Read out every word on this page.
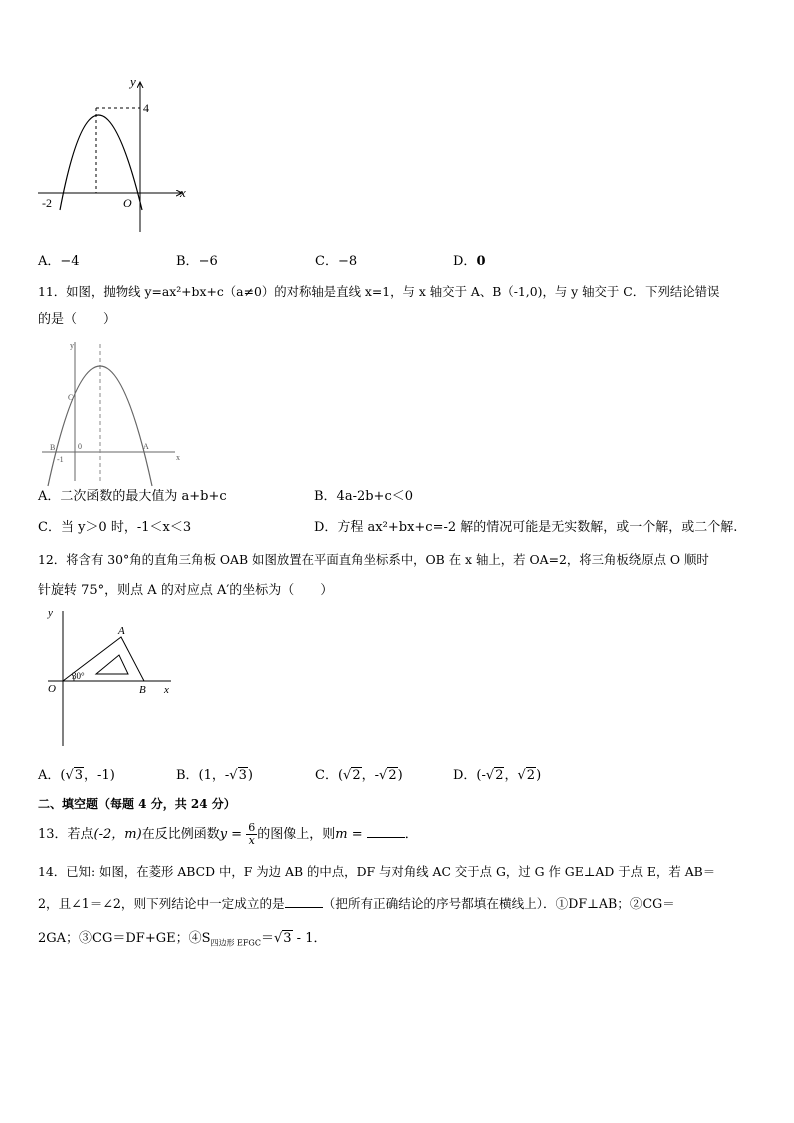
y
x
4
O
-2
A．−4	B．−6	C．−8	D．0
11．如图，抛物线 y=ax²+bx+c（a≠0）的对称轴是直线 x=1，与 x 轴交于 A、B（-1,0)，与 y 轴交于 C．下列结论错误
的是（　　）
y
x
C
B	A
0
-1
A．二次函数的最大值为 a+b+c	B．4a-2b+c＜0
C．当 y＞0 时，-1＜x＜3	D．方程 ax²+bx+c=-2 解的情况可能是无实数解，或一个解，或二个解.
12．将含有 30°角的直角三角板 OAB 如图放置在平面直角坐标系中，OB 在 x 轴上，若 OA=2，将三角板绕原点 O 顺时
针旋转 75°，则点 A 的对应点 A′的坐标为（　　）
y
x
O
A
B
30°
A．(√3，-1)	B．(1，-√3)	C．(√2，-√2)	D．(-√2，√2)
二、填空题（每题 4 分，共 24 分）
13．若点(-2，m)在反比例函数$y = \frac{6}{x}$ 的图像上，则m =	．
14．已知: 如图，在菱形 ABCD 中，F 为边 AB 的中点，DF 与对角线 AC 交于点 G，过 G 作 GE⊥AD 于点 E，若 AB＝
2，且∠1＝∠2，则下列结论中一定成立的是	（把所有正确结论的序号都填在横线上）．①DF⊥AB；②CG＝
2GA；③CG＝DF+GE；$④S_{四边形 EFGC}=√3 - 1$．
